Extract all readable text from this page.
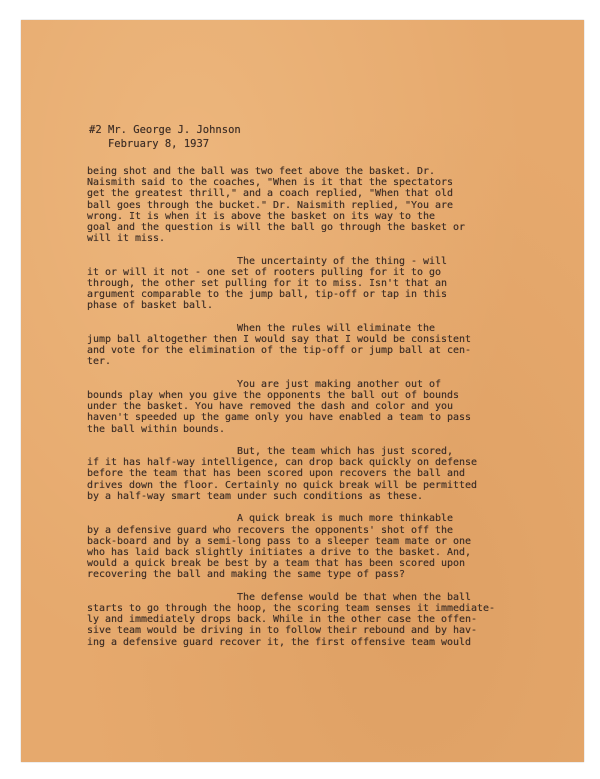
#2 Mr. George J. Johnson
February 8, 1937
being shot and the ball was two feet above the basket. Dr.
Naismith said to the coaches, "When is it that the spectators
get the greatest thrill," and a coach replied, "When that old
ball goes through the bucket." Dr. Naismith replied, "You are
wrong. It is when it is above the basket on its way to the
goal and the question is will the ball go through the basket or
will it miss.

The uncertainty of the thing - will
it or will it not - one set of rooters pulling for it to go
through, the other set pulling for it to miss. Isn't that an
argument comparable to the jump ball, tip-off or tap in this
phase of basket ball.

When the rules will eliminate the
jump ball altogether then I would say that I would be consistent
and vote for the elimination of the tip-off or jump ball at cen-
ter.

You are just making another out of
bounds play when you give the opponents the ball out of bounds
under the basket. You have removed the dash and color and you
haven't speeded up the game only you have enabled a team to pass
the ball within bounds.

But, the team which has just scored,
if it has half-way intelligence, can drop back quickly on defense
before the team that has been scored upon recovers the ball and
drives down the floor. Certainly no quick break will be permitted
by a half-way smart team under such conditions as these.

A quick break is much more thinkable
by a defensive guard who recovers the opponents' shot off the
back-board and by a semi-long pass to a sleeper team mate or one
who has laid back slightly initiates a drive to the basket. And,
would a quick break be best by a team that has been scored upon
recovering the ball and making the same type of pass?

The defense would be that when the ball
starts to go through the hoop, the scoring team senses it immediate-
ly and immediately drops back. While in the other case the offen-
sive team would be driving in to follow their rebound and by hav-
ing a defensive guard recover it, the first offensive team would
